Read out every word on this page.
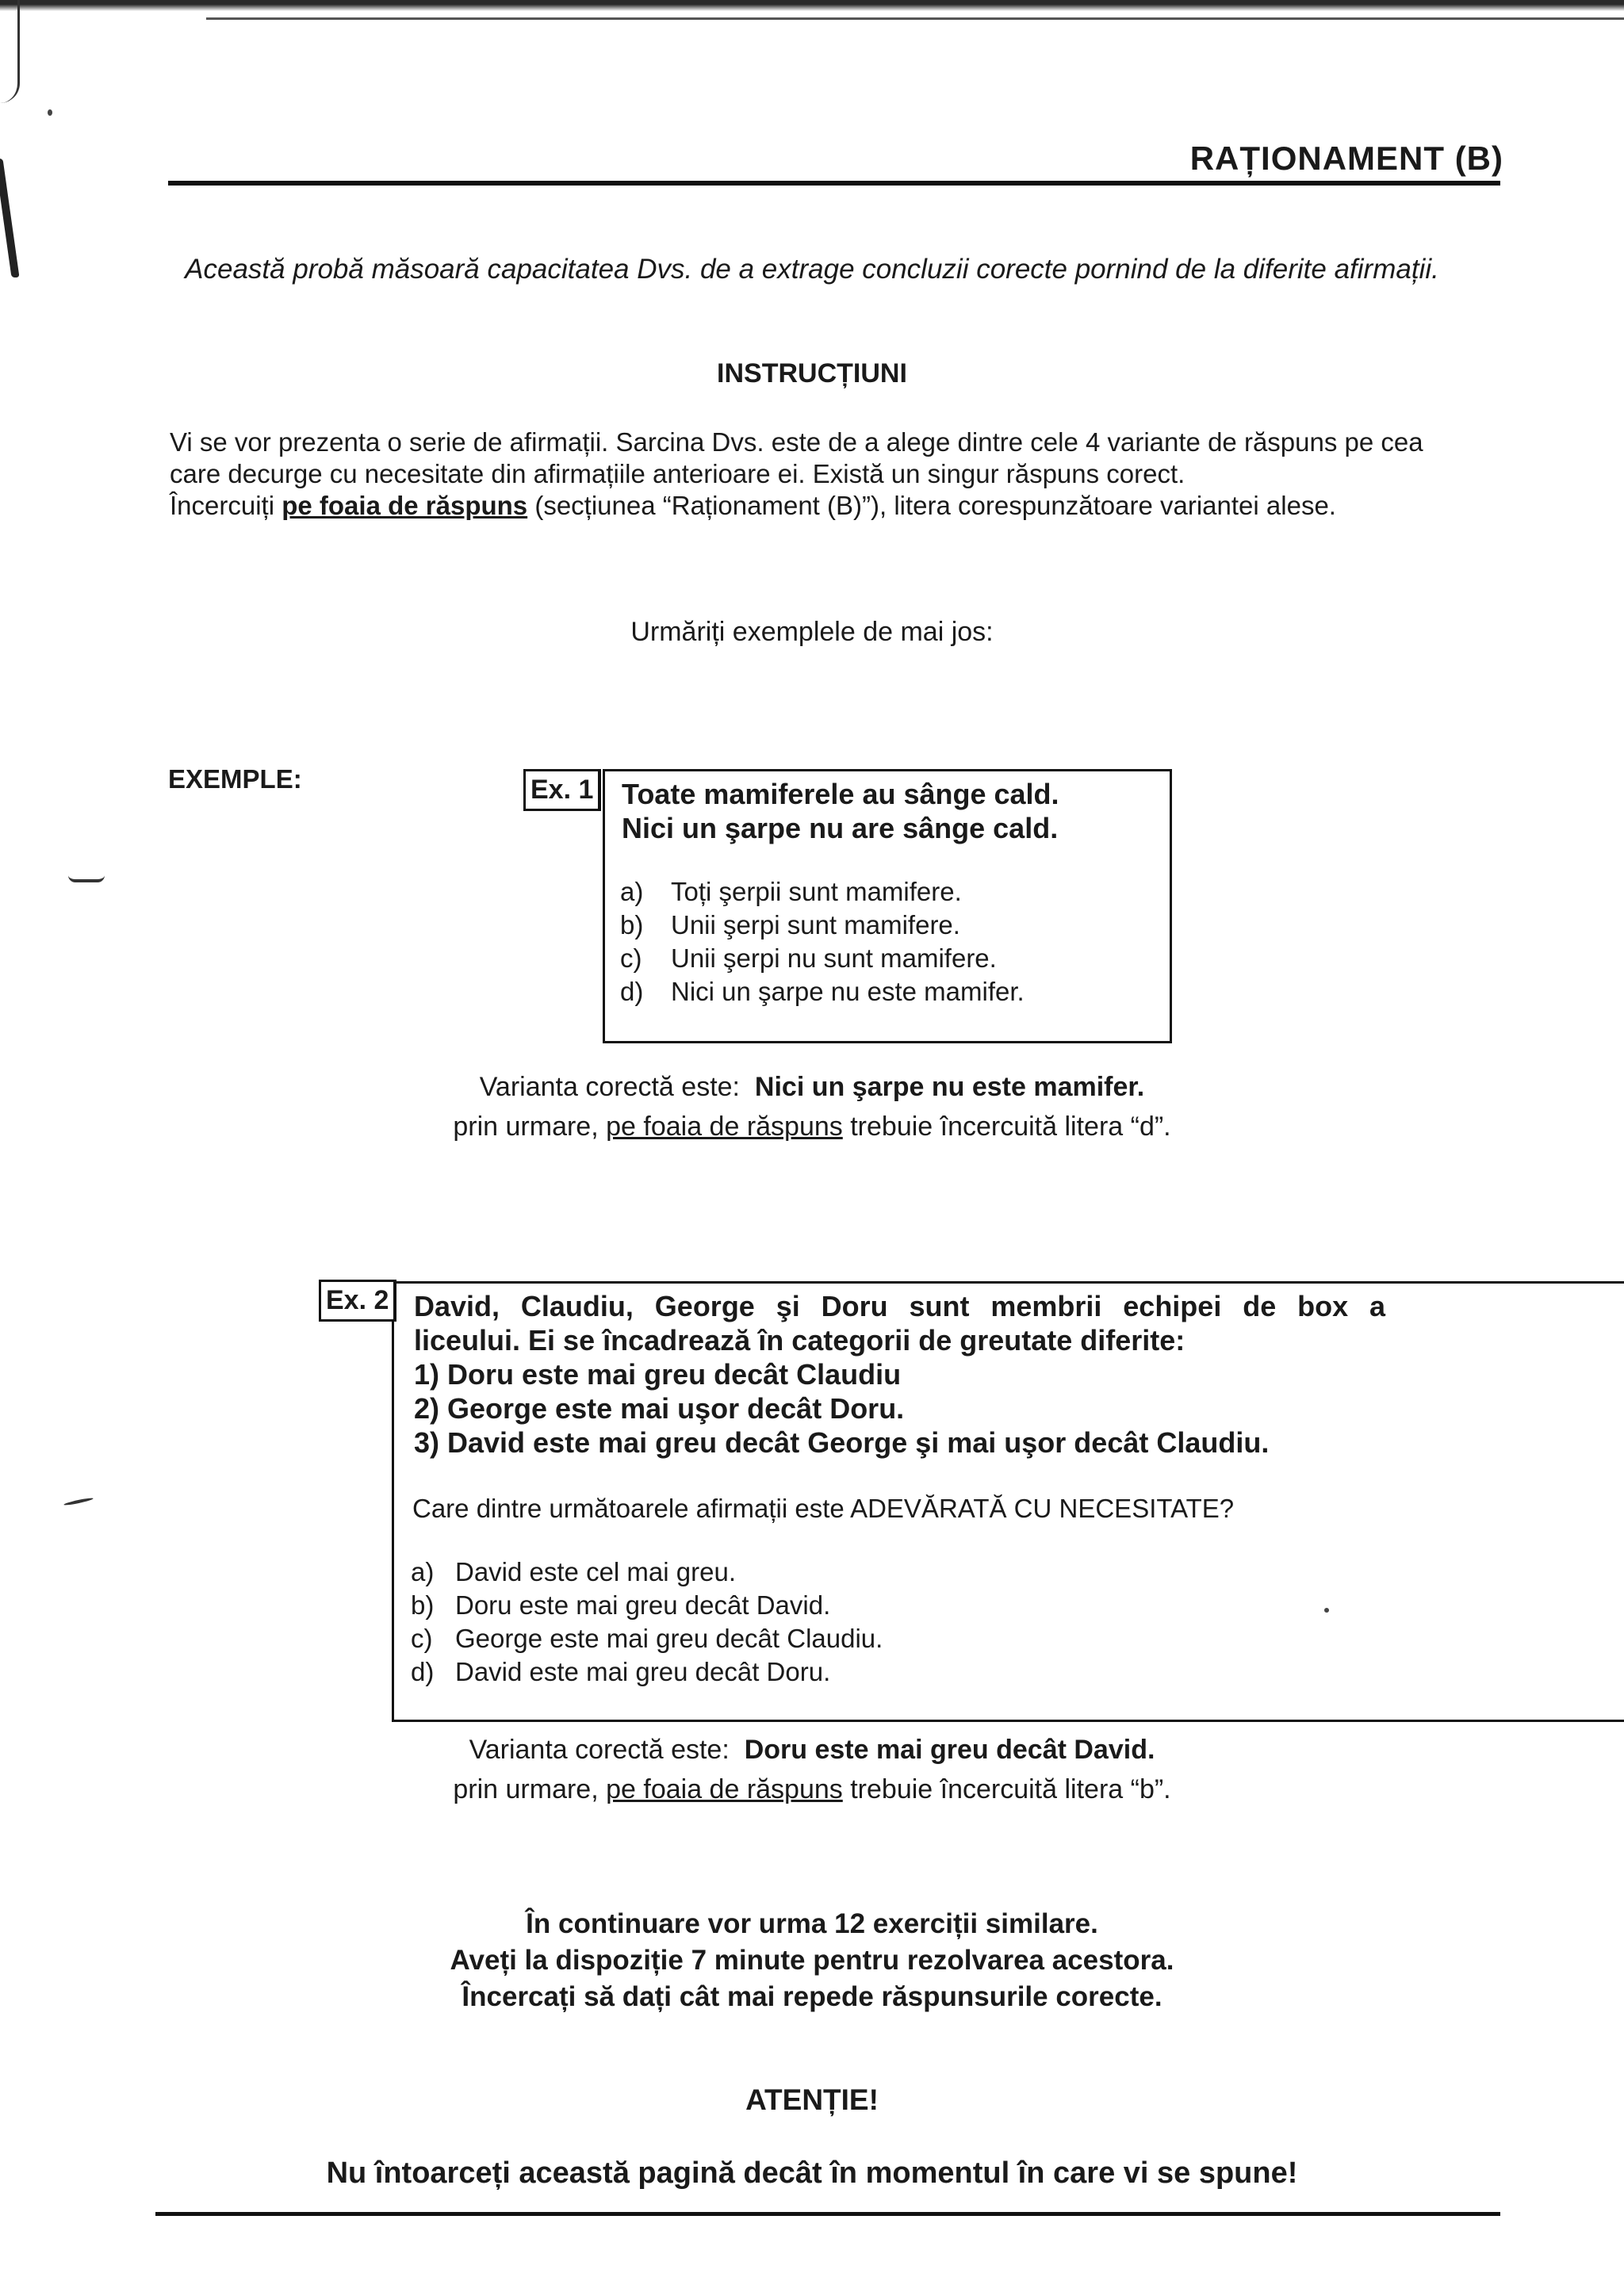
RAȚIONAMENT (B)
Această probă măsoară capacitatea Dvs. de a extrage concluzii corecte pornind de la diferite afirmații.
INSTRUCȚIUNI
Vi se vor prezenta o serie de afirmații. Sarcina Dvs. este de a alege dintre cele 4 variante de răspuns pe cea
care decurge cu necesitate din afirmațiile anterioare ei. Există un singur răspuns corect.
Încercuiți pe foaia de răspuns (secțiunea “Raționament (B)”), litera corespunzătoare variantei alese.
Urmăriți exemplele de mai jos:
EXEMPLE:	Ex. 1 Toate mamiferele au sânge cald.
Nici un şarpe nu are sânge cald.
a)	Toți şerpii sunt mamifere.
b)	Unii şerpi sunt mamifere.
c)	Unii şerpi nu sunt mamifere.
d)	Nici un şarpe nu este mamifer.
Varianta corectă este: Nici un şarpe nu este mamifer.
prin urmare, pe foaia de răspuns trebuie încercuită litera “d”.
Ex. 2 David, Claudiu, George şi Doru sunt membrii echipei de box a
liceului. Ei se încadrează în categorii de greutate diferite:
1) Doru este mai greu decât Claudiu
2) George este mai uşor decât Doru.
3) David este mai greu decât George şi mai uşor decât Claudiu.
Care dintre următoarele afirmații este ADEVĂRATĂ CU NECESITATE?
a) David este cel mai greu.
b) Doru este mai greu decât David.
c) George este mai greu decât Claudiu.
d) David este mai greu decât Doru.
Varianta corectă este: Doru este mai greu decât David.
prin urmare, pe foaia de răspuns trebuie încercuită litera “b”.
În continuare vor urma 12 exerciții similare.
Aveți la dispoziție 7 minute pentru rezolvarea acestora.
Încercați să dați cât mai repede răspunsurile corecte.
ATENȚIE!
Nu întoarceți această pagină decât în momentul în care vi se spune!
